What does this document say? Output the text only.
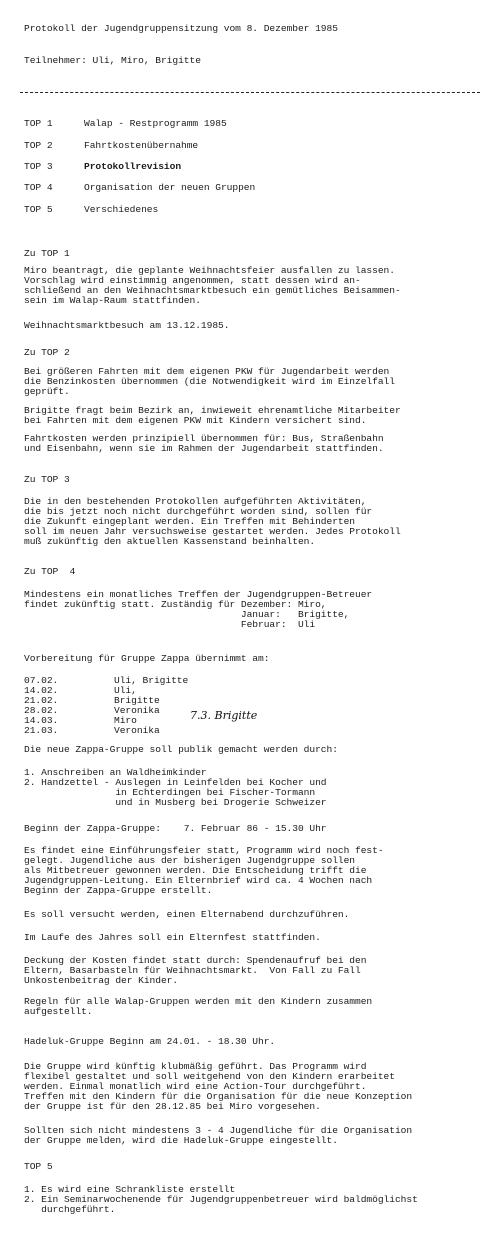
Protokoll der Jugendgruppensitzung vom 8. Dezember 1985

Teilnehmer: Uli, Miro, Brigitte

TOP 1	Walap - Restprogramm 1985

TOP 2	Fahrtkostenübernahme

TOP 3	Protokollrevision

TOP 4	Organisation der neuen Gruppen

TOP 5	Verschiedenes

Zu TOP 1

Miro beantragt, die geplante Weihnachtsfeier ausfallen zu lassen.

Vorschlag wird einstimmig angenommen, statt dessen wird an-

schließend an den Weihnachtsmarktbesuch ein gemütliches Beisammen-

sein im Walap-Raum stattfinden.

Weihnachtsmarktbesuch am 13.12.1985.

Zu TOP 2

Bei größeren Fahrten mit dem eigenen PKW für Jugendarbeit werden

die Benzinkosten übernommen (die Notwendigkeit wird im Einzelfall

geprüft.

Brigitte fragt beim Bezirk an, inwieweit ehrenamtliche Mitarbeiter

bei Fahrten mit dem eigenen PKW mit Kindern versichert sind.

Fahrtkosten werden prinzipiell übernommen für: Bus, Straßenbahn

und Eisenbahn, wenn sie im Rahmen der Jugendarbeit stattfinden.

Zu TOP 3

Die in den bestehenden Protokollen aufgeführten Aktivitäten,

die bis jetzt noch nicht durchgeführt worden sind, sollen für

die Zukunft eingeplant werden. Ein Treffen mit Behinderten

soll im neuen Jahr versuchsweise gestartet werden. Jedes Protokoll

muß zukünftig den aktuellen Kassenstand beinhalten.

Zu TOP  4

Mindestens ein monatliches Treffen der Jugendgruppen-Betreuer

findet zukünftig statt. Zuständig für Dezember: Miro,

Januar:   Brigitte,

Februar:  Uli

Vorbereitung für Gruppe Zappa übernimmt am:

07.02.	Uli, Brigitte

14.02.	Uli,

21.02.	Brigitte

28.02.	Veronika

14.03.	Miro

21.03.	Veronika

7.3. Brigitte

Die neue Zappa-Gruppe soll publik gemacht werden durch:

1. Anschreiben an Waldheimkinder

2. Handzettel - Auslegen in Leinfelden bei Kocher und

in Echterdingen bei Fischer-Tormann

und in Musberg bei Drogerie Schweizer

Beginn der Zappa-Gruppe:    7. Februar 86 - 15.30 Uhr

Es findet eine Einführungsfeier statt, Programm wird noch fest-

gelegt. Jugendliche aus der bisherigen Jugendgruppe sollen

als Mitbetreuer gewonnen werden. Die Entscheidung trifft die

Jugendgruppen-Leitung. Ein Elternbrief wird ca. 4 Wochen nach

Beginn der Zappa-Gruppe erstellt.

Es soll versucht werden, einen Elternabend durchzuführen.

Im Laufe des Jahres soll ein Elternfest stattfinden.

Deckung der Kosten findet statt durch: Spendenaufruf bei den

Eltern, Basarbasteln für Weihnachtsmarkt.  Von Fall zu Fall

Unkostenbeitrag der Kinder.

Regeln für alle Walap-Gruppen werden mit den Kindern zusammen

aufgestellt.

Hadeluk-Gruppe Beginn am 24.01. - 18.30 Uhr.

Die Gruppe wird künftig klubmäßig geführt. Das Programm wird

flexibel gestaltet und soll weitgehend von den Kindern erarbeitet

werden. Einmal monatlich wird eine Action-Tour durchgeführt.

Treffen mit den Kindern für die Organisation für die neue Konzeption

der Gruppe ist für den 28.12.85 bei Miro vorgesehen.

Sollten sich nicht mindestens 3 - 4 Jugendliche für die Organisation

der Gruppe melden, wird die Hadeluk-Gruppe eingestellt.

TOP 5

1. Es wird eine Schrankliste erstellt

2. Ein Seminarwochenende für Jugendgruppenbetreuer wird baldmöglichst

durchgeführt.
